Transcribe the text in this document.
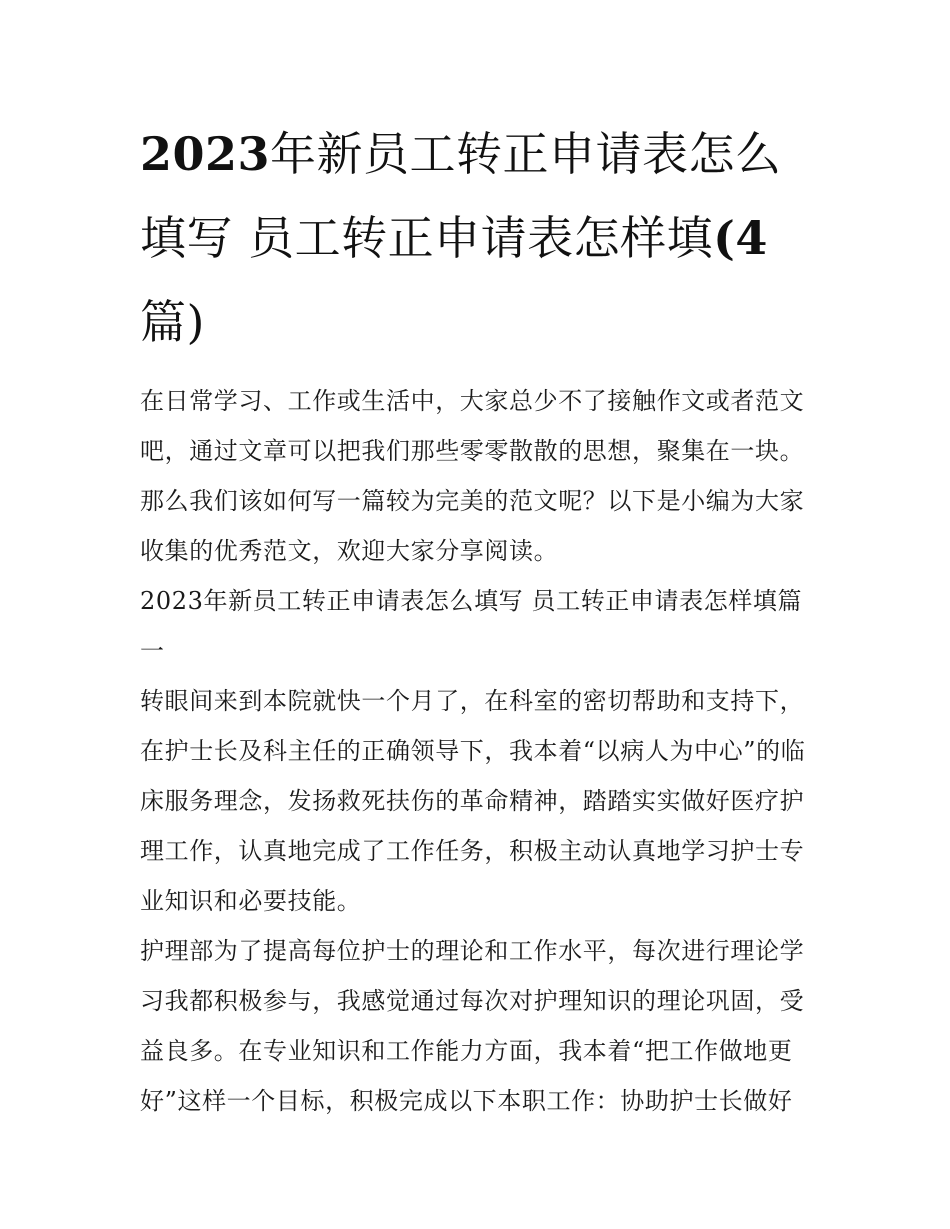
2023年新员工转正申请表怎么填写 员工转正申请表怎样填(4篇)

在日常学习、工作或生活中，大家总少不了接触作文或者范文吧，通过文章可以把我们那些零零散散的思想，聚集在一块。那么我们该如何写一篇较为完美的范文呢？以下是小编为大家收集的优秀范文，欢迎大家分享阅读。

2023年新员工转正申请表怎么填写 员工转正申请表怎样填篇一

转眼间来到本院就快一个月了，在科室的密切帮助和支持下，在护士长及科主任的正确领导下，我本着“以病人为中心”的临床服务理念，发扬救死扶伤的革命精神，踏踏实实做好医疗护理工作，认真地完成了工作任务，积极主动认真地学习护士专业知识和必要技能。

护理部为了提高每位护士的理论和工作水平，每次进行理论学习我都积极参与，我感觉通过每次对护理知识的理论巩固，受益良多。在专业知识和工作能力方面，我本着“把工作做地更好”这样一个目标，积极完成以下本职工作：协助护士长做好
